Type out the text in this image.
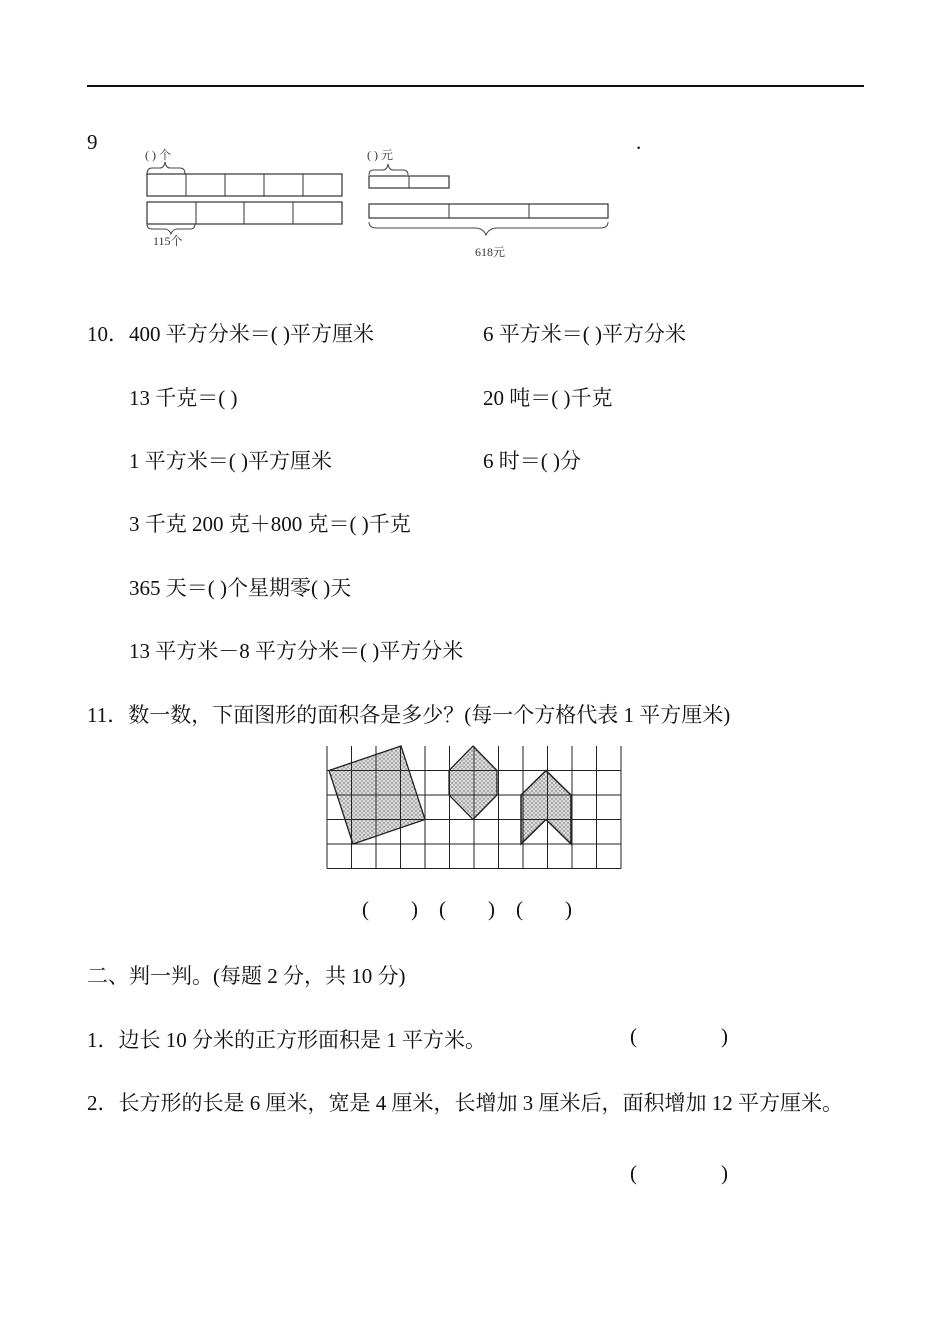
9	.
( ) 个
115个
( ) 元
618元
10．400 平方分米＝( )平方厘米	6 平方米＝( )平方分米
13 千克＝( )	20 吨＝( )千克
1 平方米＝( )平方厘米	6 时＝( )分
3 千克 200 克＋800 克＝( )千克
365 天＝( )个星期零( )天
13 平方米－8 平方分米＝( )平方分米
11．数一数，下面图形的面积各是多少？(每一个方格代表 1 平方厘米)
(        )    (        )    (        )
二、判一判。(每题 2 分，共 10 分)
1．边长 10 分米的正方形面积是 1 平方米。	(                )
2．长方形的长是 6 厘米，宽是 4 厘米，长增加 3 厘米后，面积增加 12 平方厘米。
(                )
